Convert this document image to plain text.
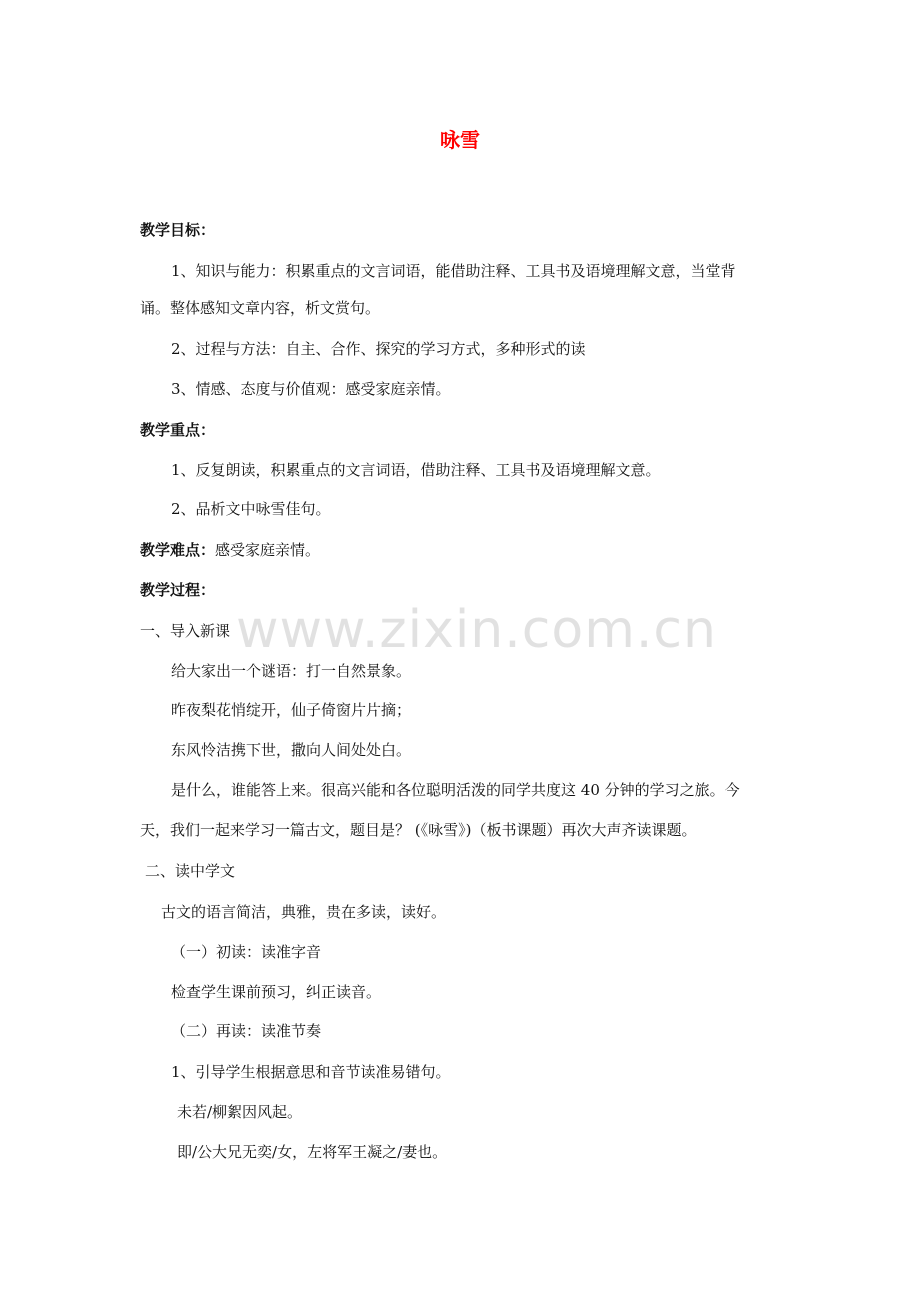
www.zixin.com.cn
咏雪
教学目标：
1、知识与能力：积累重点的文言词语，能借助注释、工具书及语境理解文意，当堂背
诵。整体感知文章内容，析文赏句。
2、过程与方法：自主、合作、探究的学习方式，多种形式的读
3、情感、态度与价值观：感受家庭亲情。
教学重点：
1、反复朗读，积累重点的文言词语，借助注释、工具书及语境理解文意。
2、品析文中咏雪佳句。
教学难点：感受家庭亲情。
教学过程：
一、导入新课
给大家出一个谜语：打一自然景象。
昨夜梨花悄绽开，仙子倚窗片片摘；
东风怜洁携下世，撒向人间处处白。
是什么，谁能答上来。很高兴能和各位聪明活泼的同学共度这 40 分钟的学习之旅。今
天，我们一起来学习一篇古文，题目是？ (《咏雪》)（板书课题）再次大声齐读课题。
二、读中学文
古文的语言简洁，典雅，贵在多读，读好。
（一）初读：读准字音
检查学生课前预习，纠正读音。
（二）再读：读准节奏
1、引导学生根据意思和音节读准易错句。
未若/柳絮因风起。
即/公大兄无奕/女，左将军王凝之/妻也。
